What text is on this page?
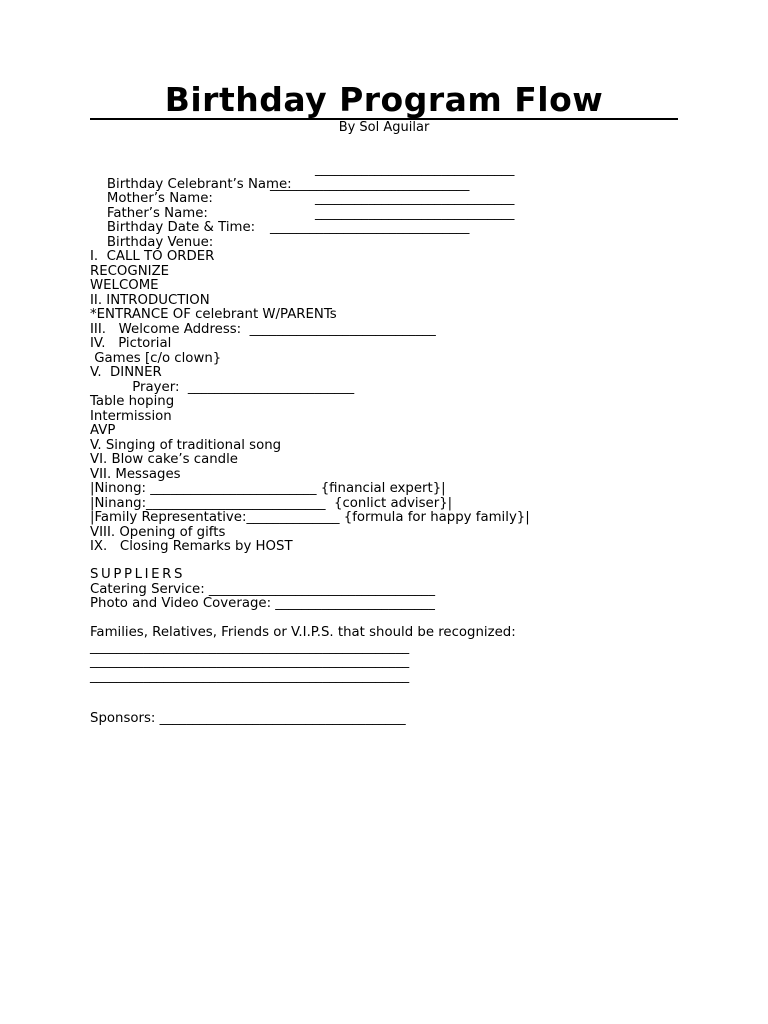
Birthday Program Flow
By Sol Aguilar

Birthday Celebrant’s Name:

______________________________

Mother’s Name:

______________________________

Father’s Name:

______________________________

Birthday Date & Time:

______________________________

Birthday Venue:

______________________________

I.  CALL TO ORDER
RECOGNIZE
WELCOME
II. INTRODUCTION
*ENTRANCE OF celebrant W/PARENTs
III.   Welcome Address:  ____________________________
IV.   Pictorial
Games [c/o clown}
V.  DINNER
Prayer:  _________________________
Table hoping
Intermission
AVP
V. Singing of traditional song
VI. Blow cake’s candle
VII. Messages
|Ninong: _________________________ {financial expert}|
|Ninang:___________________________  {conlict adviser}|
|Family Representative:______________ {formula for happy family}|
VIII. Opening of gifts
IX.   Closing Remarks by HOST
SUPPLIERS
Catering Service: __________________________________
Photo and Video Coverage: ________________________
Families, Relatives, Friends or V.I.P.S. that should be recognized:
________________________________________________
________________________________________________
________________________________________________
Sponsors: _____________________________________
